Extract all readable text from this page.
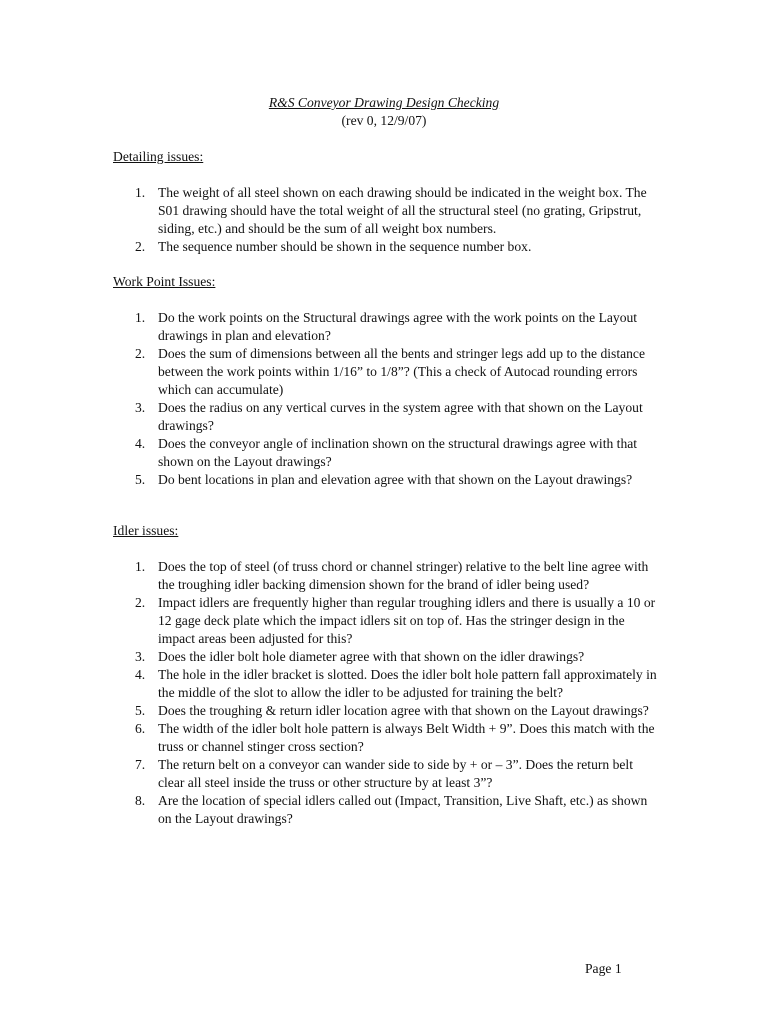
R&S Conveyor Drawing Design Checking
(rev 0, 12/9/07)
Detailing issues:
1. The weight of all steel shown on each drawing should be indicated in the weight box. The S01 drawing should have the total weight of all the structural steel (no grating, Gripstrut, siding, etc.) and should be the sum of all weight box numbers.
2. The sequence number should be shown in the sequence number box.
Work Point Issues:
1. Do the work points on the Structural drawings agree with the work points on the Layout drawings in plan and elevation?
2. Does the sum of dimensions between all the bents and stringer legs add up to the distance between the work points within 1/16” to 1/8”? (This a check of Autocad rounding errors which can accumulate)
3. Does the radius on any vertical curves in the system agree with that shown on the Layout drawings?
4. Does the conveyor angle of inclination shown on the structural drawings agree with that shown on the Layout drawings?
5. Do bent locations in plan and elevation agree with that shown on the Layout drawings?
Idler issues:
1. Does the top of steel (of truss chord or channel stringer) relative to the belt line agree with the troughing idler backing dimension shown for the brand of idler being used?
2. Impact idlers are frequently higher than regular troughing idlers and there is usually a 10 or 12 gage deck plate which the impact idlers sit on top of. Has the stringer design in the impact areas been adjusted for this?
3. Does the idler bolt hole diameter agree with that shown on the idler drawings?
4. The hole in the idler bracket is slotted. Does the idler bolt hole pattern fall approximately in the middle of the slot to allow the idler to be adjusted for training the belt?
5. Does the troughing & return idler location agree with that shown on the Layout drawings?
6. The width of the idler bolt hole pattern is always Belt Width + 9”. Does this match with the truss or channel stinger cross section?
7. The return belt on a conveyor can wander side to side by + or – 3”. Does the return belt clear all steel inside the truss or other structure by at least 3”?
8. Are the location of special idlers called out (Impact, Transition, Live Shaft, etc.) as shown on the Layout drawings?
Page 1
